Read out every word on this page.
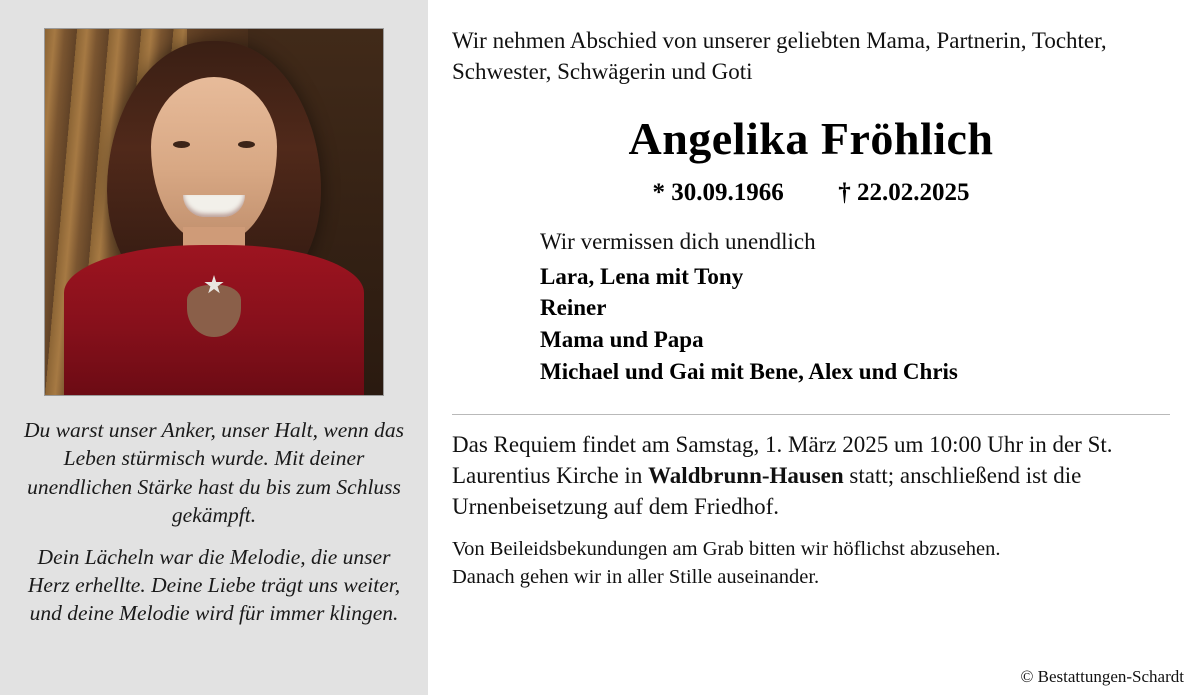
Du warst unser Anker, unser Halt, wenn das Leben stürmisch wurde. Mit deiner unendlichen Stärke hast du bis zum Schluss gekämpft.

Dein Lächeln war die Melodie, die unser Herz erhellte. Deine Liebe trägt uns weiter, und deine Melodie wird für immer klingen.

Wir nehmen Abschied von unserer geliebten Mama, Partnerin, Tochter, Schwester, Schwägerin und Goti

Angelika Fröhlich
* 30.09.1966 † 22.02.2025

Wir vermissen dich unendlich

Lara, Lena mit Tony
Reiner
Mama und Papa
Michael und Gai mit Bene, Alex und Chris

Das Requiem findet am Samstag, 1. März 2025 um 10:00 Uhr in der St. Laurentius Kirche in Waldbrunn-Hausen statt; anschließend ist die Urnenbeisetzung auf dem Friedhof.

Von Beileidsbekundungen am Grab bitten wir höflichst abzusehen.
Danach gehen wir in aller Stille auseinander.

© Bestattungen-Schardt
